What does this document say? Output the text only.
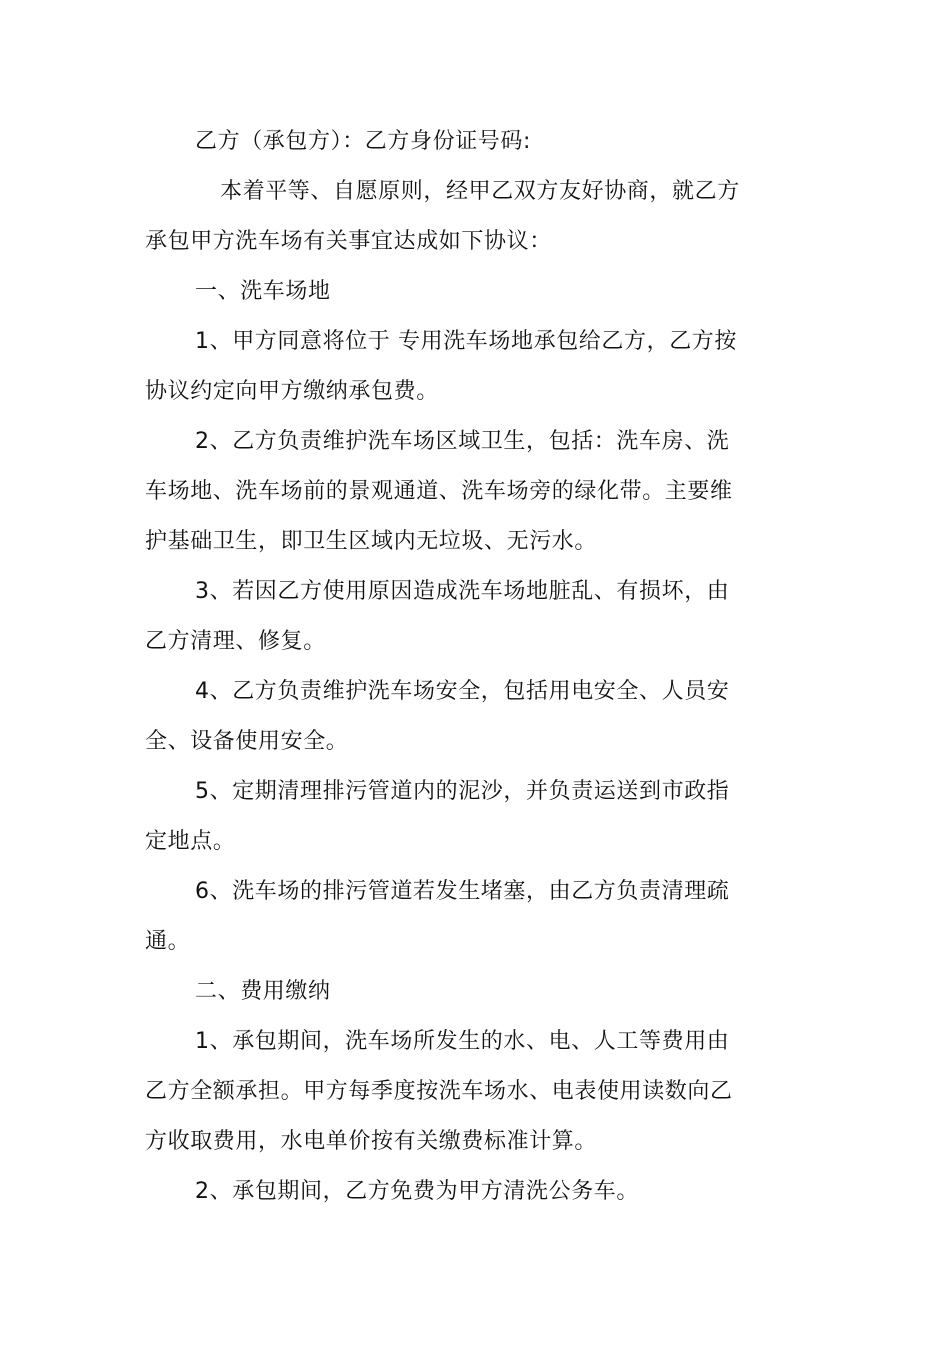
乙方（承包方）：乙方身份证号码:
本着平等、自愿原则，经甲乙双方友好协商，就乙方
承包甲方洗车场有关事宜达成如下协议：
一、洗车场地
1、甲方同意将位于 专用洗车场地承包给乙方，乙方按
协议约定向甲方缴纳承包费。
2、乙方负责维护洗车场区域卫生，包括：洗车房、洗
车场地、洗车场前的景观通道、洗车场旁的绿化带。主要维
护基础卫生，即卫生区域内无垃圾、无污水。
3、若因乙方使用原因造成洗车场地脏乱、有损坏，由
乙方清理、修复。
4、乙方负责维护洗车场安全，包括用电安全、人员安
全、设备使用安全。
5、定期清理排污管道内的泥沙，并负责运送到市政指
定地点。
6、洗车场的排污管道若发生堵塞，由乙方负责清理疏
通。
二、费用缴纳
1、承包期间，洗车场所发生的水、电、人工等费用由
乙方全额承担。甲方每季度按洗车场水、电表使用读数向乙
方收取费用，水电单价按有关缴费标准计算。
2、承包期间，乙方免费为甲方清洗公务车。
